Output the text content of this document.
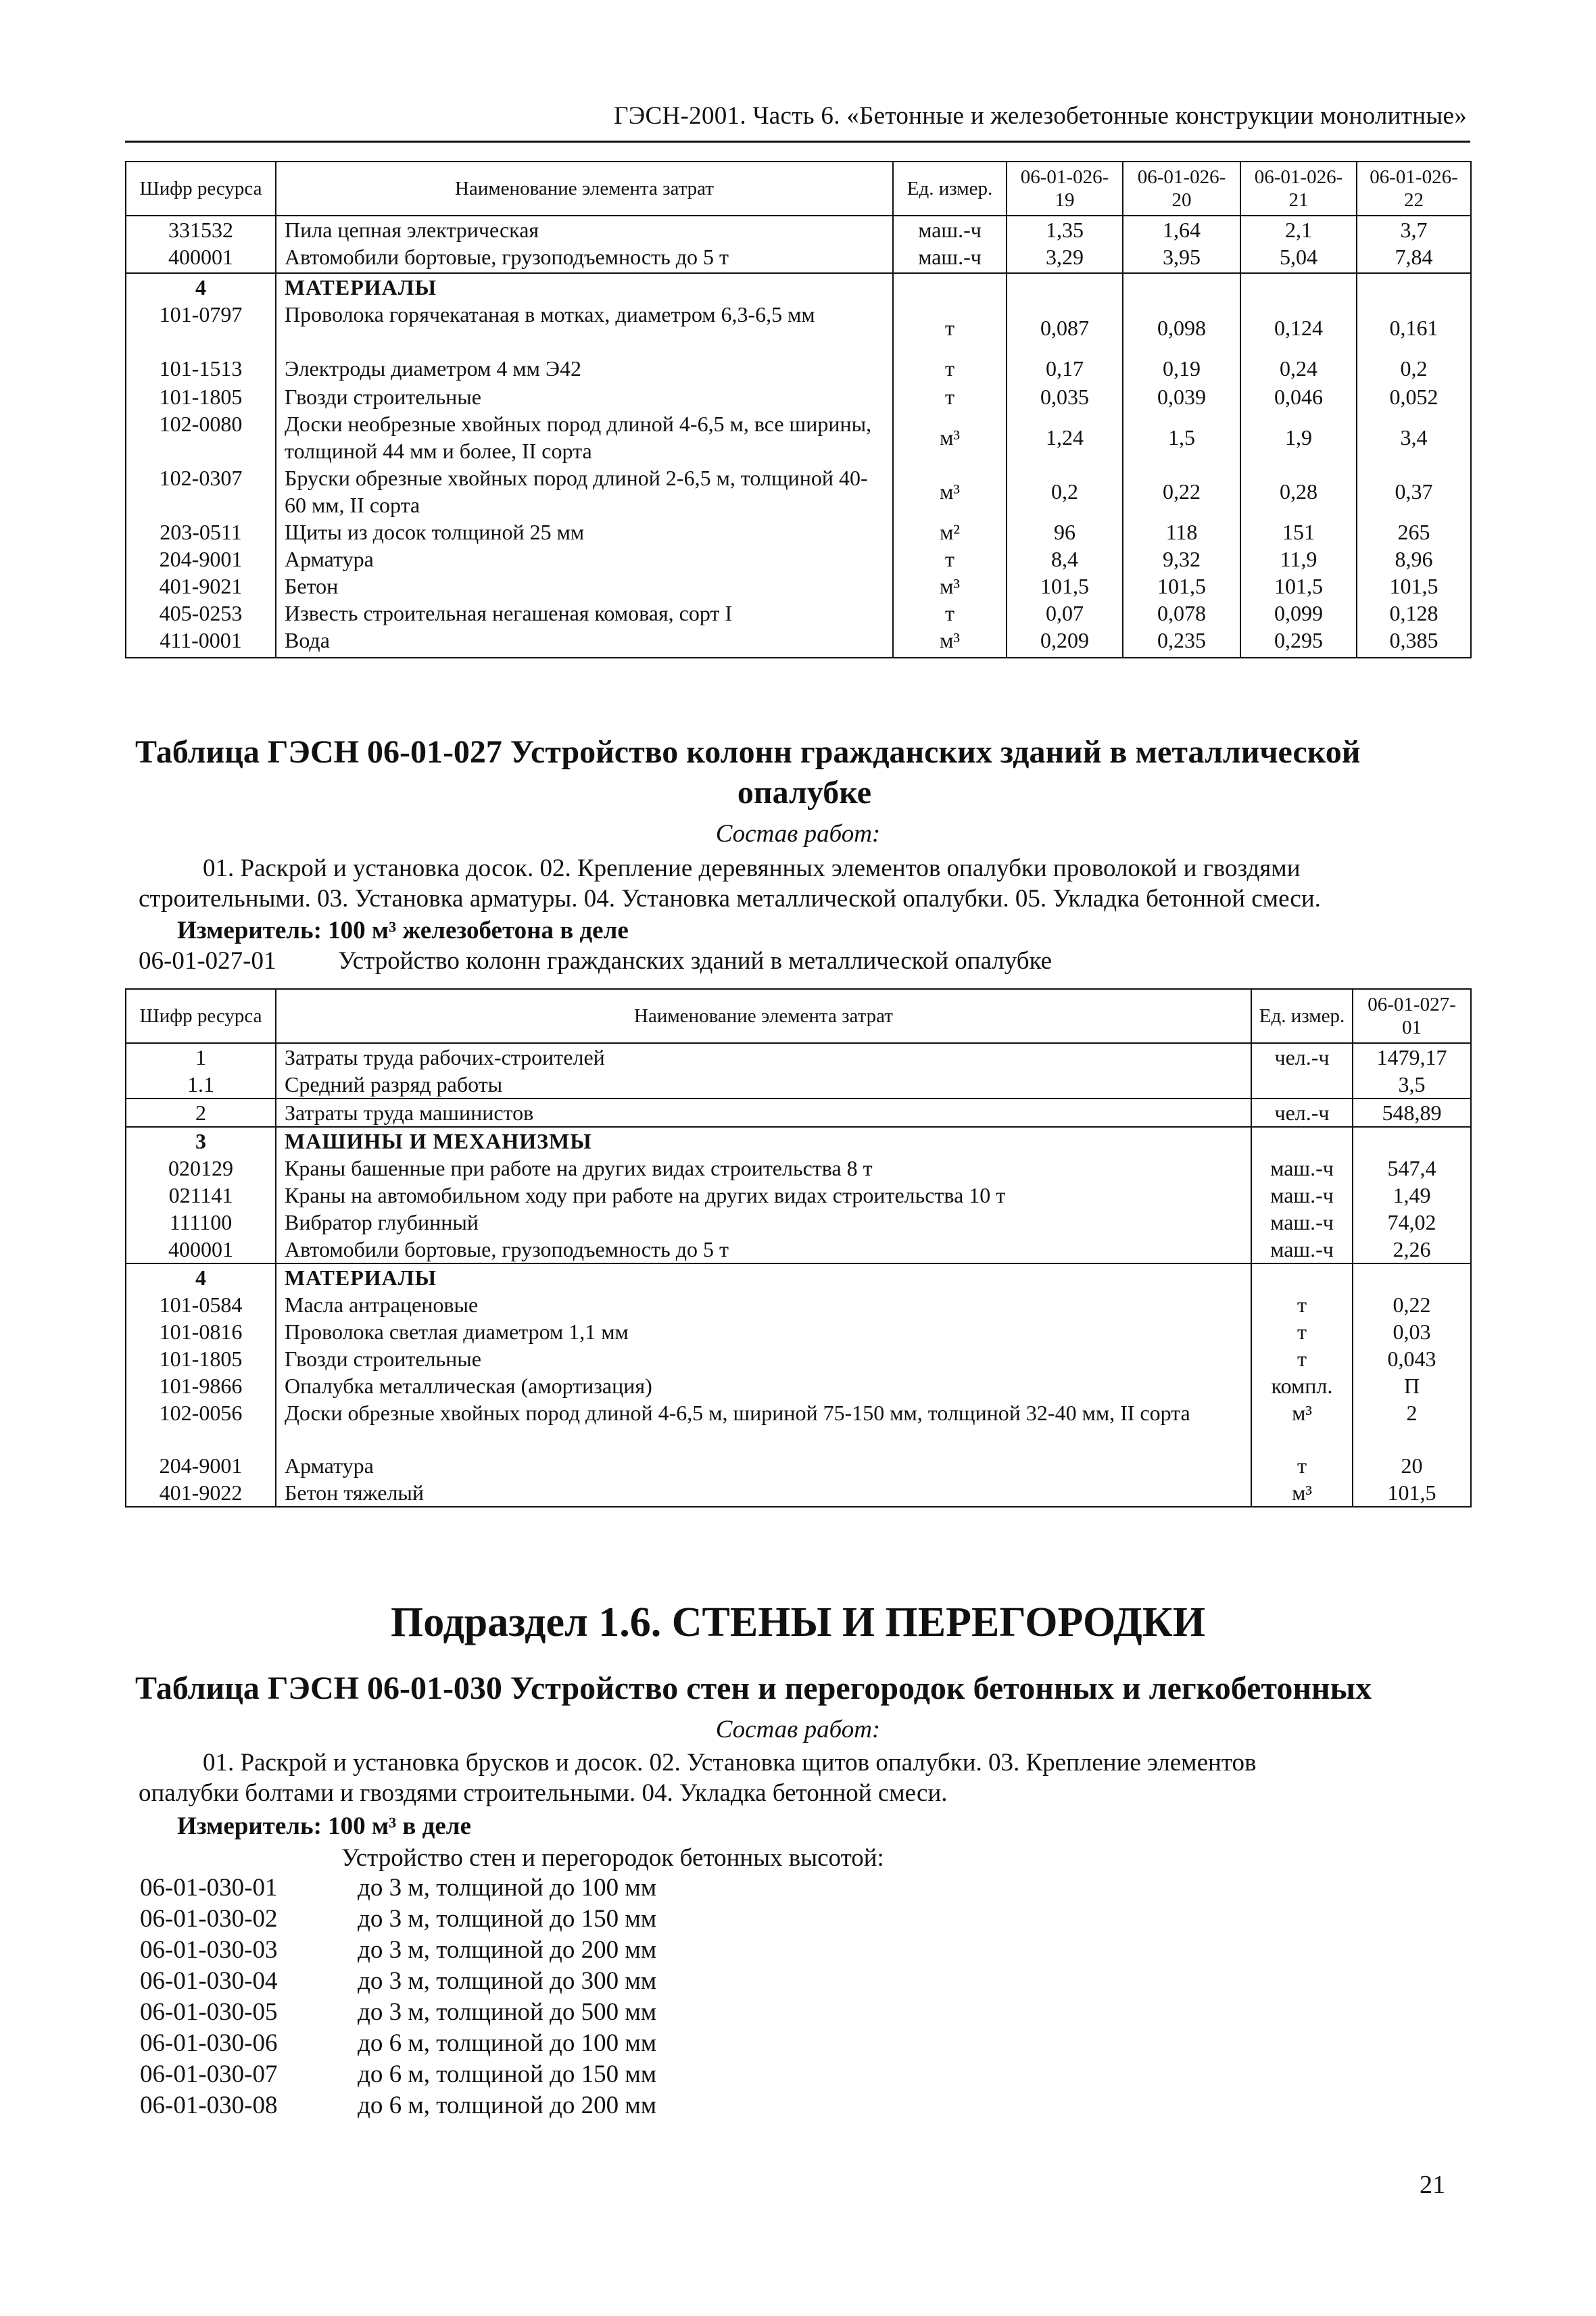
ГЭСН-2001. Часть 6. «Бетонные и железобетонные конструкции монолитные»
Шифр ресурса	Наименование элемента затрат	Ед. измер.	06-01-026-19	06-01-026-20	06-01-026-21	06-01-026-22
331532	Пила цепная электрическая	маш.-ч	1,35	1,64	2,1	3,7
400001	Автомобили бортовые, грузоподъемность до 5 т	маш.-ч	3,29	3,95	5,04	7,84
4	МАТЕРИАЛЫ					
101-0797	Проволока горячекатаная в мотках, диаметром 6,3-6,5 мм	т	0,087	0,098	0,124	0,161
101-1513	Электроды диаметром 4 мм Э42	т	0,17	0,19	0,24	0,2
101-1805	Гвозди строительные	т	0,035	0,039	0,046	0,052
102-0080	Доски необрезные хвойных пород длиной 4-6,5 м, все ширины, толщиной 44 мм и более, II сорта	м³	1,24	1,5	1,9	3,4
102-0307	Бруски обрезные хвойных пород длиной 2-6,5 м, толщиной 40-60 мм, II сорта	м³	0,2	0,22	0,28	0,37
203-0511	Щиты из досок толщиной 25 мм	м²	96	118	151	265
204-9001	Арматура	т	8,4	9,32	11,9	8,96
401-9021	Бетон	м³	101,5	101,5	101,5	101,5
405-0253	Известь строительная негашеная комовая, сорт I	т	0,07	0,078	0,099	0,128
411-0001	Вода	м³	0,209	0,235	0,295	0,385
Таблица ГЭСН 06-01-027 Устройство колонн гражданских зданий в металлической
опалубке
Состав работ:
01. Раскрой и установка досок. 02. Крепление деревянных элементов опалубки проволокой и гвоздями
строительными. 03. Установка арматуры. 04. Установка металлической опалубки. 05. Укладка бетонной смеси.
Измеритель: 100 м³ железобетона в деле
06-01-027-01 Устройство колонн гражданских зданий в металлической опалубке
Шифр ресурса	Наименование элемента затрат	Ед. измер.	06-01-027-01
1	Затраты труда рабочих-строителей	чел.-ч	1479,17
1.1	Средний разряд работы		3,5
2	Затраты труда машинистов	чел.-ч	548,89
3	МАШИНЫ И МЕХАНИЗМЫ		
020129	Краны башенные при работе на других видах строительства 8 т	маш.-ч	547,4
021141	Краны на автомобильном ходу при работе на других видах строительства 10 т	маш.-ч	1,49
111100	Вибратор глубинный	маш.-ч	74,02
400001	Автомобили бортовые, грузоподъемность до 5 т	маш.-ч	2,26
4	МАТЕРИАЛЫ		
101-0584	Масла антраценовые	т	0,22
101-0816	Проволока светлая диаметром 1,1 мм	т	0,03
101-1805	Гвозди строительные	т	0,043
101-9866	Опалубка металлическая (амортизация)	компл.	П
102-0056	Доски обрезные хвойных пород длиной 4-6,5 м, шириной 75-150 мм, толщиной 32-40 мм, II сорта	м³	2
204-9001	Арматура	т	20
401-9022	Бетон тяжелый	м³	101,5
Подраздел 1.6. СТЕНЫ И ПЕРЕГОРОДКИ
Таблица ГЭСН 06-01-030 Устройство стен и перегородок бетонных и легкобетонных
Состав работ:
01. Раскрой и установка брусков и досок. 02. Установка щитов опалубки. 03. Крепление элементов
опалубки болтами и гвоздями строительными. 04. Укладка бетонной смеси.
Измеритель: 100 м³ в деле
Устройство стен и перегородок бетонных высотой:
06-01-030-01	до 3 м, толщиной до 100 мм
06-01-030-02	до 3 м, толщиной до 150 мм
06-01-030-03	до 3 м, толщиной до 200 мм
06-01-030-04	до 3 м, толщиной до 300 мм
06-01-030-05	до 3 м, толщиной до 500 мм
06-01-030-06	до 6 м, толщиной до 100 мм
06-01-030-07	до 6 м, толщиной до 150 мм
06-01-030-08	до 6 м, толщиной до 200 мм
21
